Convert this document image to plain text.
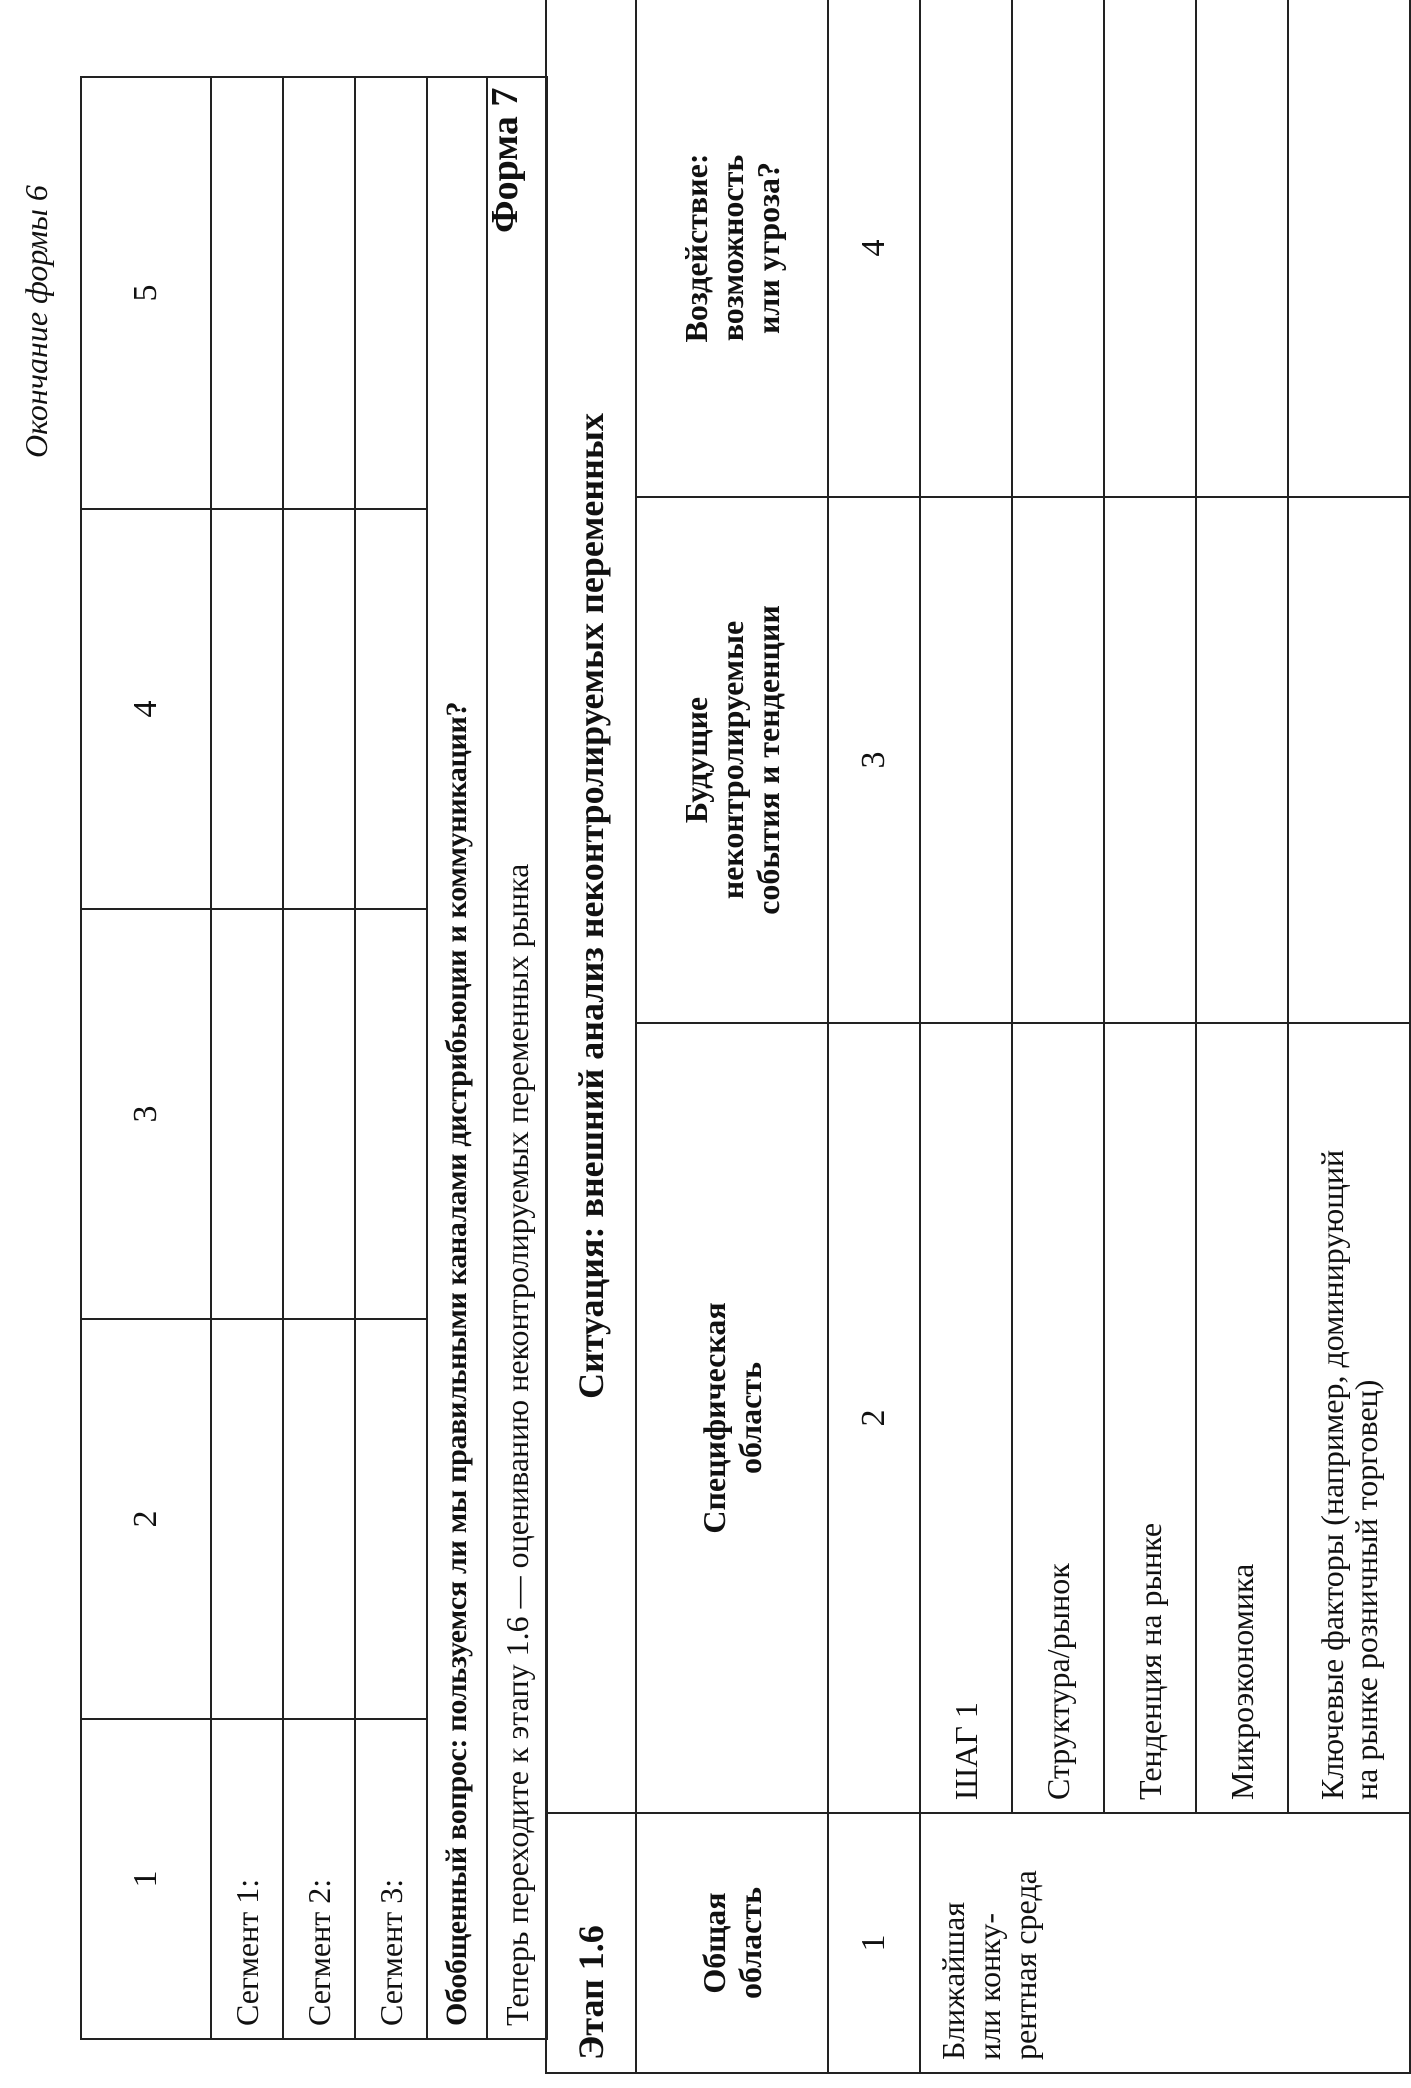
Окончание формы 6
1	2	3	4	5
Сегмент 1:				
Сегмент 2:				
Сегмент 3:				
Обобщенный вопрос: пользуемся ли мы правильными каналами дистрибьюции и коммуникации?				
Теперь переходите к этапу 1.6 — оцениванию неконтролируемых переменных рынка				
Форма 7
Этап 1.6	Ситуация: внешний анализ неконтролируемых переменных		
Общая
область	Специфическая
область	Будущие
неконтролируемые
события и тенденции	Воздействие:
возможность
или угроза?
1	2	3	4
Ближайшая
или конку-
рентная среда	ШАГ 1		
	Структура/рынок		
	Тенденция на рынке		
	Микроэкономика		
	Ключевые факторы (например, доминирующий
на рынке розничный торговец)		
